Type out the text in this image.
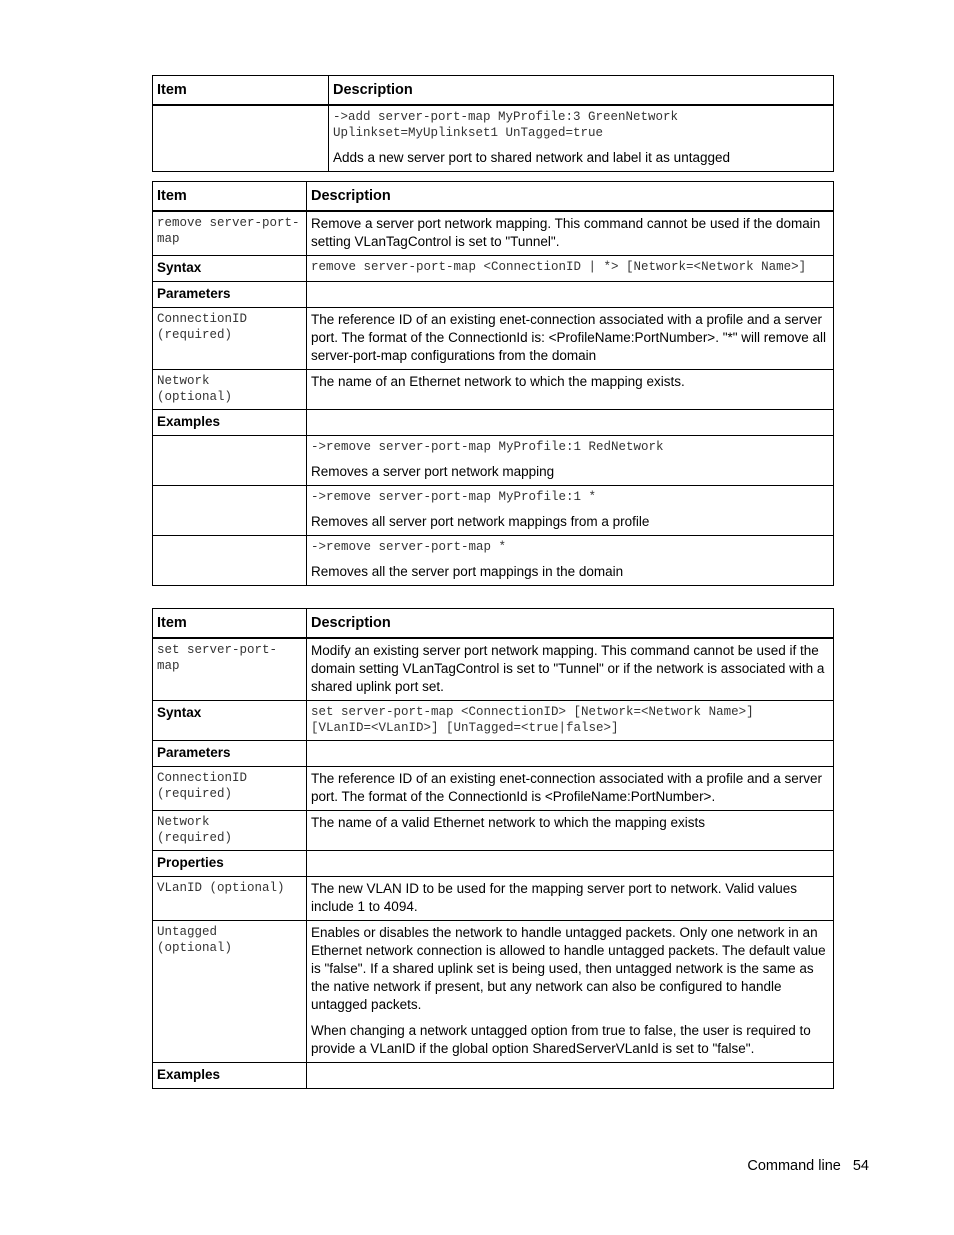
Item	Description

	->add server-port-map MyProfile:3 GreenNetwork
Uplinkset=MyUplinkset1 UnTagged=true
Adds a new server port to shared network and label it as untagged
Item	Description
remove server-port-map	Remove a server port network mapping. This command cannot be used if the domain setting VLanTagControl is set to "Tunnel".
Syntax	remove server-port-map <ConnectionID | *> [Network=<Network Name>]
Parameters	
ConnectionID
(required)	The reference ID of an existing enet-connection associated with a profile and a server port. The format of the ConnectionId is: <ProfileName:PortNumber>. "*" will remove all server-port-map configurations from the domain
Network
(optional)	The name of an Ethernet network to which the mapping exists.
Examples	

	->remove server-port-map MyProfile:1 RedNetwork
Removes a server port network mapping

	->remove server-port-map MyProfile:1 *
Removes all server port network mappings from a profile

	->remove server-port-map *
Removes all the server port mappings in the domain
Item	Description
set server-port-
map	Modify an existing server port network mapping. This command cannot be used if the domain setting VLanTagControl is set to "Tunnel" or if the network is associated with a shared uplink port set.
Syntax	set server-port-map <ConnectionID> [Network=<Network Name>]
[VLanID=<VLanID>] [UnTagged=<true|false>]
Parameters	
ConnectionID
(required)	The reference ID of an existing enet-connection associated with a profile and a server port. The format of the ConnectionId is <ProfileName:PortNumber>.
Network
(required)	The name of a valid Ethernet network to which the mapping exists
Properties	
VLanID (optional)	The new VLAN ID to be used for the mapping server port to network. Valid values include 1 to 4094.
Untagged
(optional)	Enables or disables the network to handle untagged packets. Only one network in an Ethernet network connection is allowed to handle untagged packets. The default value is "false". If a shared uplink set is being used, then untagged network is the same as the native network if present, but any network can also be configured to handle untagged packets.
When changing a network untagged option from true to false, the user is required to provide a VLanID if the global option SharedServerVLanId is set to "false".

Examples	
Command line 54
